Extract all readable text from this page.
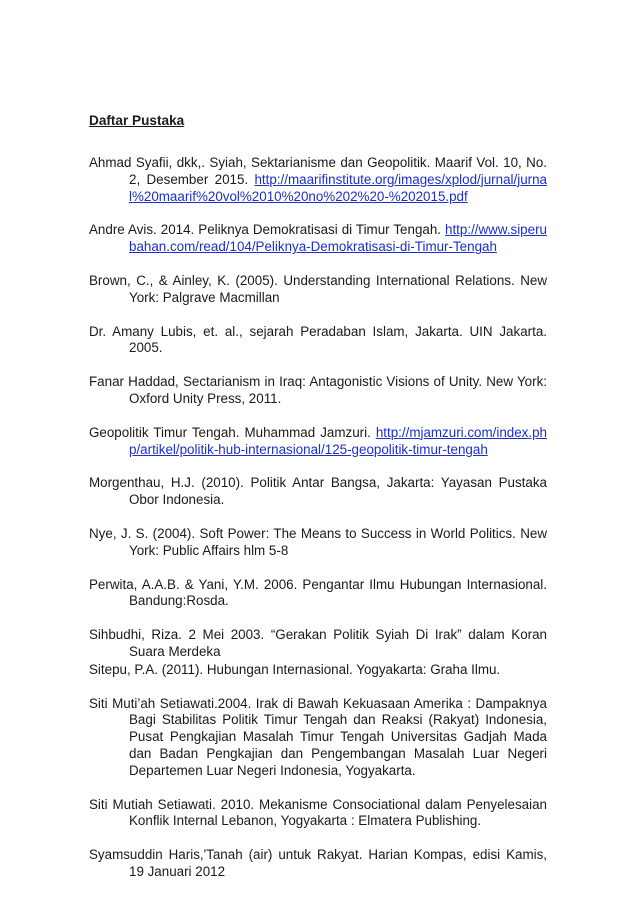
Daftar Pustaka

Ahmad Syafii, dkk,. Syiah, Sektarianisme dan Geopolitik. Maarif Vol. 10, No. 2, Desember 2015. http://maarifinstitute.org/images/xplod/jurnal/jurnal%20maarif%20vol%2010%20no%202%20-%202015.pdf

Andre Avis. 2014. Peliknya Demokratisasi di Timur Tengah. http://www.siperubahan.com/read/104/Peliknya-Demokratisasi-di-Timur-Tengah

Brown, C., & Ainley, K. (2005). Understanding International Relations. New York: Palgrave Macmillan

Dr. Amany Lubis, et. al., sejarah Peradaban Islam, Jakarta. UIN Jakarta. 2005.

Fanar Haddad, Sectarianism in Iraq: Antagonistic Visions of Unity. New York: Oxford Unity Press, 2011.

Geopolitik Timur Tengah. Muhammad Jamzuri. http://mjamzuri.com/index.php/artikel/politik-hub-internasional/125-geopolitik-timur-tengah

Morgenthau, H.J. (2010). Politik Antar Bangsa, Jakarta: Yayasan Pustaka Obor Indonesia.

Nye, J. S. (2004). Soft Power: The Means to Success in World Politics. New York: Public Affairs hlm 5-8

Perwita, A.A.B. & Yani, Y.M. 2006. Pengantar Ilmu Hubungan Internasional. Bandung:Rosda.

Sihbudhi, Riza. 2 Mei 2003. “Gerakan Politik Syiah Di Irak” dalam Koran Suara Merdeka

Sitepu, P.A. (2011). Hubungan Internasional. Yogyakarta: Graha Ilmu.

Siti Muti’ah Setiawati.2004. Irak di Bawah Kekuasaan Amerika : Dampaknya Bagi Stabilitas Politik Timur Tengah dan Reaksi (Rakyat) Indonesia, Pusat Pengkajian Masalah Timur Tengah Universitas Gadjah Mada dan Badan Pengkajian dan Pengembangan Masalah Luar Negeri Departemen Luar Negeri Indonesia, Yogyakarta.

Siti Mutiah Setiawati. 2010. Mekanisme Consociational dalam Penyelesaian Konflik Internal Lebanon, Yogyakarta : Elmatera Publishing.

Syamsuddin Haris,'Tanah (air) untuk Rakyat. Harian Kompas, edisi Kamis, 19 Januari 2012
